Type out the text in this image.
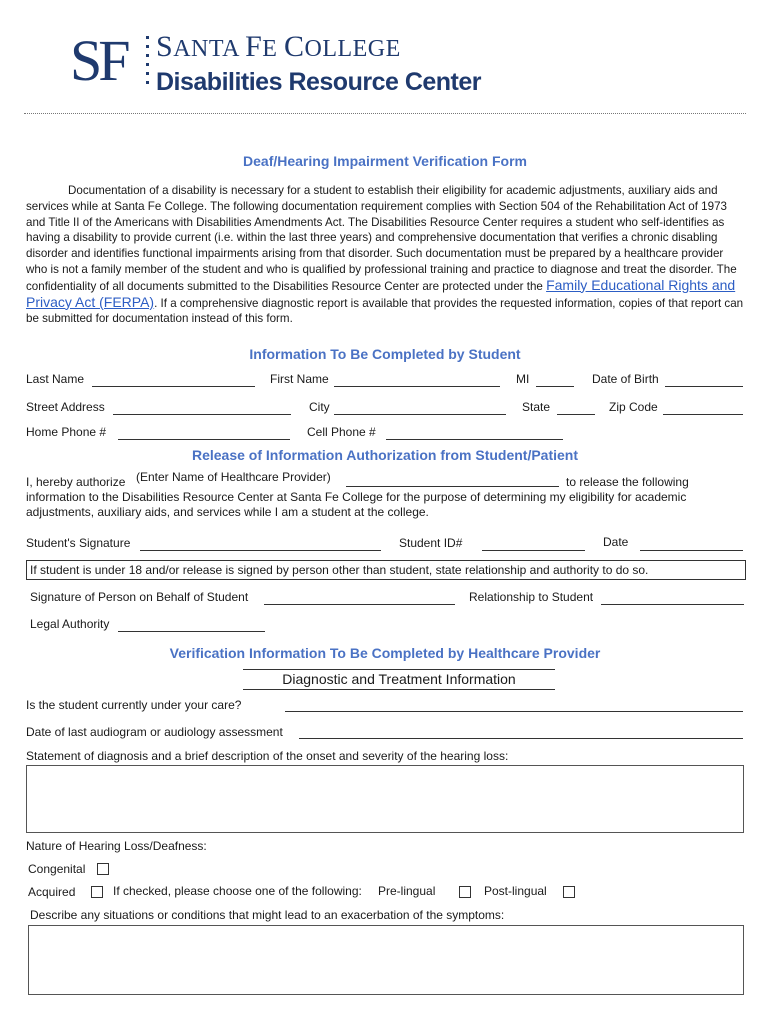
SF SANTA FE COLLEGE
Disabilities Resource Center
Deaf/Hearing Impairment Verification Form
Documentation of a disability is necessary for a student to establish their eligibility for academic adjustments, auxiliary aids and services while at Santa Fe College. The following documentation requirement complies with Section 504 of the Rehabilitation Act of 1973 and Title II of the Americans with Disabilities Amendments Act. The Disabilities Resource Center requires a student who self-identifies as having a disability to provide current (i.e. within the last three years) and comprehensive documentation that verifies a chronic disabling disorder and identifies functional impairments arising from that disorder. Such documentation must be prepared by a healthcare provider who is not a family member of the student and who is qualified by professional training and practice to diagnose and treat the disorder. The confidentiality of all documents submitted to the Disabilities Resource Center are protected under the Family Educational Rights and Privacy Act (FERPA). If a comprehensive diagnostic report is available that provides the requested information, copies of that report can be submitted for documentation instead of this form.
Information To Be Completed by Student
Last Name	First Name	MI	Date of Birth
Street Address	City	State	Zip Code
Home Phone #	Cell Phone #
Release of Information Authorization from Student/Patient
I, hereby authorize (Enter Name of Healthcare Provider)	to release the following
information to the Disabilities Resource Center at Santa Fe College for the purpose of determining my eligibility for academic
adjustments, auxiliary aids, and services while I am a student at the college.
Student's Signature	Student ID#	Date
If student is under 18 and/or release is signed by person other than student, state relationship and authority to do so.
Signature of Person on Behalf of Student	Relationship to Student
Legal Authority
Verification Information To Be Completed by Healthcare Provider
Diagnostic and Treatment Information
Is the student currently under your care?
Date of last audiogram or audiology assessment
Statement of diagnosis and a brief description of the onset and severity of the hearing loss:
Nature of Hearing Loss/Deafness:
Congenital
Acquired	If checked, please choose one of the following: Pre-lingual	Post-lingual
Describe any situations or conditions that might lead to an exacerbation of the symptoms:
